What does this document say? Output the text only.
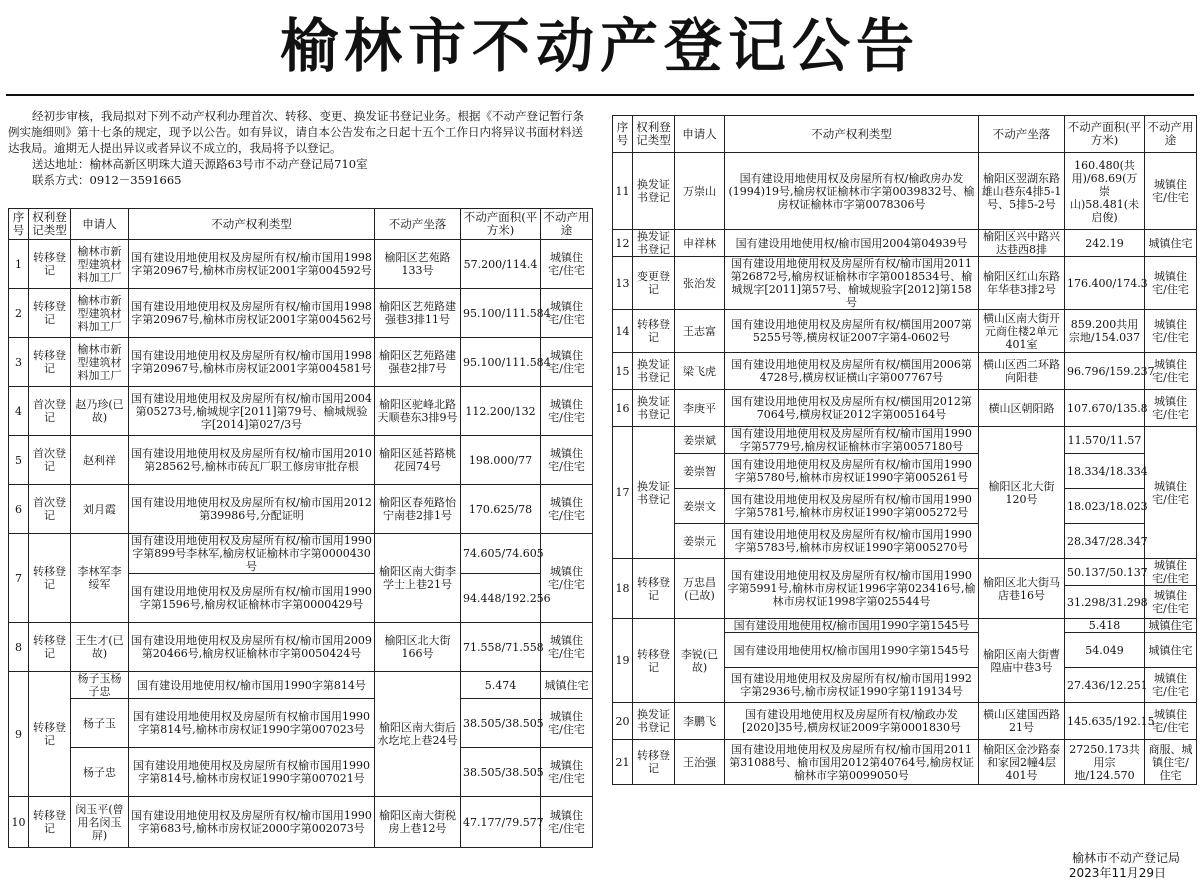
榆林市不动产登记公告

经初步审核，我局拟对下列不动产权利办理首次、转移、变更、换发证书登记业务。根据《不动产登记暂行条例实施细则》第十七条的规定，现予以公告。如有异议，请自本公告发布之日起十五个工作日内将异议书面材料送达我局。逾期无人提出异议或者异议不成立的，我局将予以登记。

送达地址：榆林高新区明珠大道天源路63号市不动产登记局710室

联系方式：0912－3591665

序号	权利登记类型	申请人	不动产权利类型	不动产坐落	不动产面积(平方米)	不动产用 途
1	转移登记	榆林市新型建筑材料加工厂	国有建设用地使用权及房屋所有权/榆市国用1998字第20967号,榆林市房权证2001字第004592号	榆阳区艺苑路133号	57.200/114.4	城镇住宅/住宅
2	转移登记	榆林市新型建筑材料加工厂	国有建设用地使用权及房屋所有权/榆市国用1998字第20967号,榆林市房权证2001字第004562号	榆阳区艺苑路建强巷3排11号	95.100/111.584	城镇住宅/住宅
3	转移登记	榆林市新型建筑材料加工厂	国有建设用地使用权及房屋所有权/榆市国用1998字第20967号,榆林市房权证2001字第004581号	榆阳区艺苑路建强巷2排7号	95.100/111.584	城镇住宅/住宅
4	首次登记	赵乃珍(已故)	国有建设用地使用权及房屋所有权/榆市国用2004第05273号,榆城规字[2011]第79号、榆城规验字[2014]第027/3号	榆阳区驼峰北路天顺巷东3排9号	112.200/132	城镇住宅/住宅
5	首次登记	赵利祥	国有建设用地使用权及房屋所有权/榆市国用2010第28562号,榆林市砖瓦厂职工修房审批存根	榆阳区延苔路桃花园74号	198.000/77	城镇住宅/住宅
6	首次登记	刘月霞	国有建设用地使用权及房屋所有权/榆市国用2012第39986号,分配证明	榆阳区春苑路怡宁南巷2排1号	170.625/78	城镇住宅/住宅
7	转移登记	李林军李绥军	国有建设用地使用权及房屋所有权/榆市国用1990字第899号李林军,榆房权证榆林市字第0000430号	榆阳区南大街李学士上巷21号	74.605/74.605	城镇住宅/住宅
			国有建设用地使用权及房屋所有权/榆市国用1990字第1596号,榆房权证榆林市字第0000429号		94.448/192.256	
8	转移登记	王生才(已故)	国有建设用地使用权及房屋所有权/榆市国用2009第20466号,榆房权证榆林市字第0050424号	榆阳区北大街166号	71.558/71.558	城镇住宅/住宅
9	转移登记	杨子玉杨子忠	国有建设用地使用权/榆市国用1990字第814号	榆阳区南大街后水圪坨上巷24号	5.474	城镇住宅
		杨子玉	国有建设用地使用权及房屋所有权榆市国用1990字第814号,榆林市房权证1990字第007023号		38.505/38.505	城镇住宅/住宅
		杨子忠	国有建设用地使用权及房屋所有权榆市国用1990字第814号,榆林市房权证1990字第007021号		38.505/38.505	城镇住宅/住宅
10	转移登记	闵玉平(曾用名闵玉屏)	国有建设用地使用权及房屋所有权/榆市国用1990字第683号,榆林市房权证2000字第002073号	榆阳区南大街税房上巷12号	47.177/79.577	城镇住宅/住宅
序号	权利登记类型	申请人	不动产权利类型	不动产坐落	不动产面积(平方米)	不动产用 途
11	换发证书登记	万崇山	国有建设用地使用权及房屋所有权/榆政房办发(1994)19号,榆房权证榆林市字第0039832号、榆房权证榆林市字第0078306号	榆阳区翌湖东路雄山巷东4排5-1号、5排5-2号	160.480(共用)/68.69(万崇山)58.481(未启俊)	城镇住宅/住宅
12	换发证书登记	申祥林	国有建设用地使用权/榆市国用2004第04939号	榆阳区兴中路兴达巷西8排	242.19	城镇住宅
13	变更登记	张治发	国有建设用地使用权及房屋所有权/榆市国用2011第26872号,榆房权证榆林市字第0018534号、榆城规字[2011]第57号、榆城规验字[2012]第158号	榆阳区红山东路年华巷3排2号	176.400/174.3	城镇住宅/住宅
14	转移登记	王志富	国有建设用地使用权及房屋所有权/横国用2007第5255号等,横房权证2007字第4-0602号	横山区南大街开元商住楼2单元401室	859.200共用宗地/154.037	城镇住宅/住宅
15	换发证书登记	梁飞虎	国有建设用地使用权及房屋所有权/横国用2006第4728号,横房权证横山字第007767号	横山区西二环路向阳巷	96.796/159.237	城镇住宅/住宅
16	换发证书登记	李庚平	国有建设用地使用权及房屋所有权/横国用2012第7064号,横房权证2012字第005164号	横山区朝阳路	107.670/135.8	城镇住宅/住宅
17	换发证书登记	姜崇斌	国有建设用地使用权及房屋所有权/榆市国用1990字第5779号,榆房权证榆林市字第0057180号	榆阳区北大街120号	11.570/11.57	城镇住宅/住宅
		姜崇智	国有建设用地使用权及房屋所有权/榆市国用1990字第5780号,榆林市房权证1990字第005261号		18.334/18.334	
		姜崇文	国有建设用地使用权及房屋所有权/榆市国用1990字第5781号,榆林市房权证1990字第005272号		18.023/18.023	
		姜崇元	国有建设用地使用权及房屋所有权/榆市国用1990字第5783号,榆林市房权证1990字第005270号		28.347/28.347	
18	转移登记	万忠昌(已故)	国有建设用地使用权及房屋所有权/榆市国用1990字第5991号,榆林市房权证1996字第023416号,榆林市房权证1998字第025544号	榆阳区北大街马店巷16号	50.137/50.137	城镇住宅/住宅
					31.298/31.298	城镇住宅/住宅
19	转移登记	李锐(已故)	国有建设用地使用权/榆市国用1990字第1545号	榆阳区南大街曹隍庙中巷3号	5.418	城镇住宅
			国有建设用地使用权/榆市国用1990字第1545号		54.049	城镇住宅
			国有建设用地使用权及房屋所有权/榆市国用1992字第2936号,榆市房权证1990字第119134号		27.436/12.251	城镇住宅/住宅
20	换发证书登记	李鹏飞	国有建设用地使用权及房屋所有权/榆政办发[2020]35号,横房权证2009字第0001830号	横山区建国西路21号	145.635/192.15	城镇住宅/住宅
21	转移登记	王治强	国有建设用地使用权及房屋所有权/榆市国用2011第31088号、榆市国用2012第40764号,榆房权证榆林市字第0099050号	榆阳区金沙路泰和家园2幢4层401号	27250.173共用宗地/124.570	商服、城镇住宅/住宅
榆林市不动产登记局
2023年11月29日
